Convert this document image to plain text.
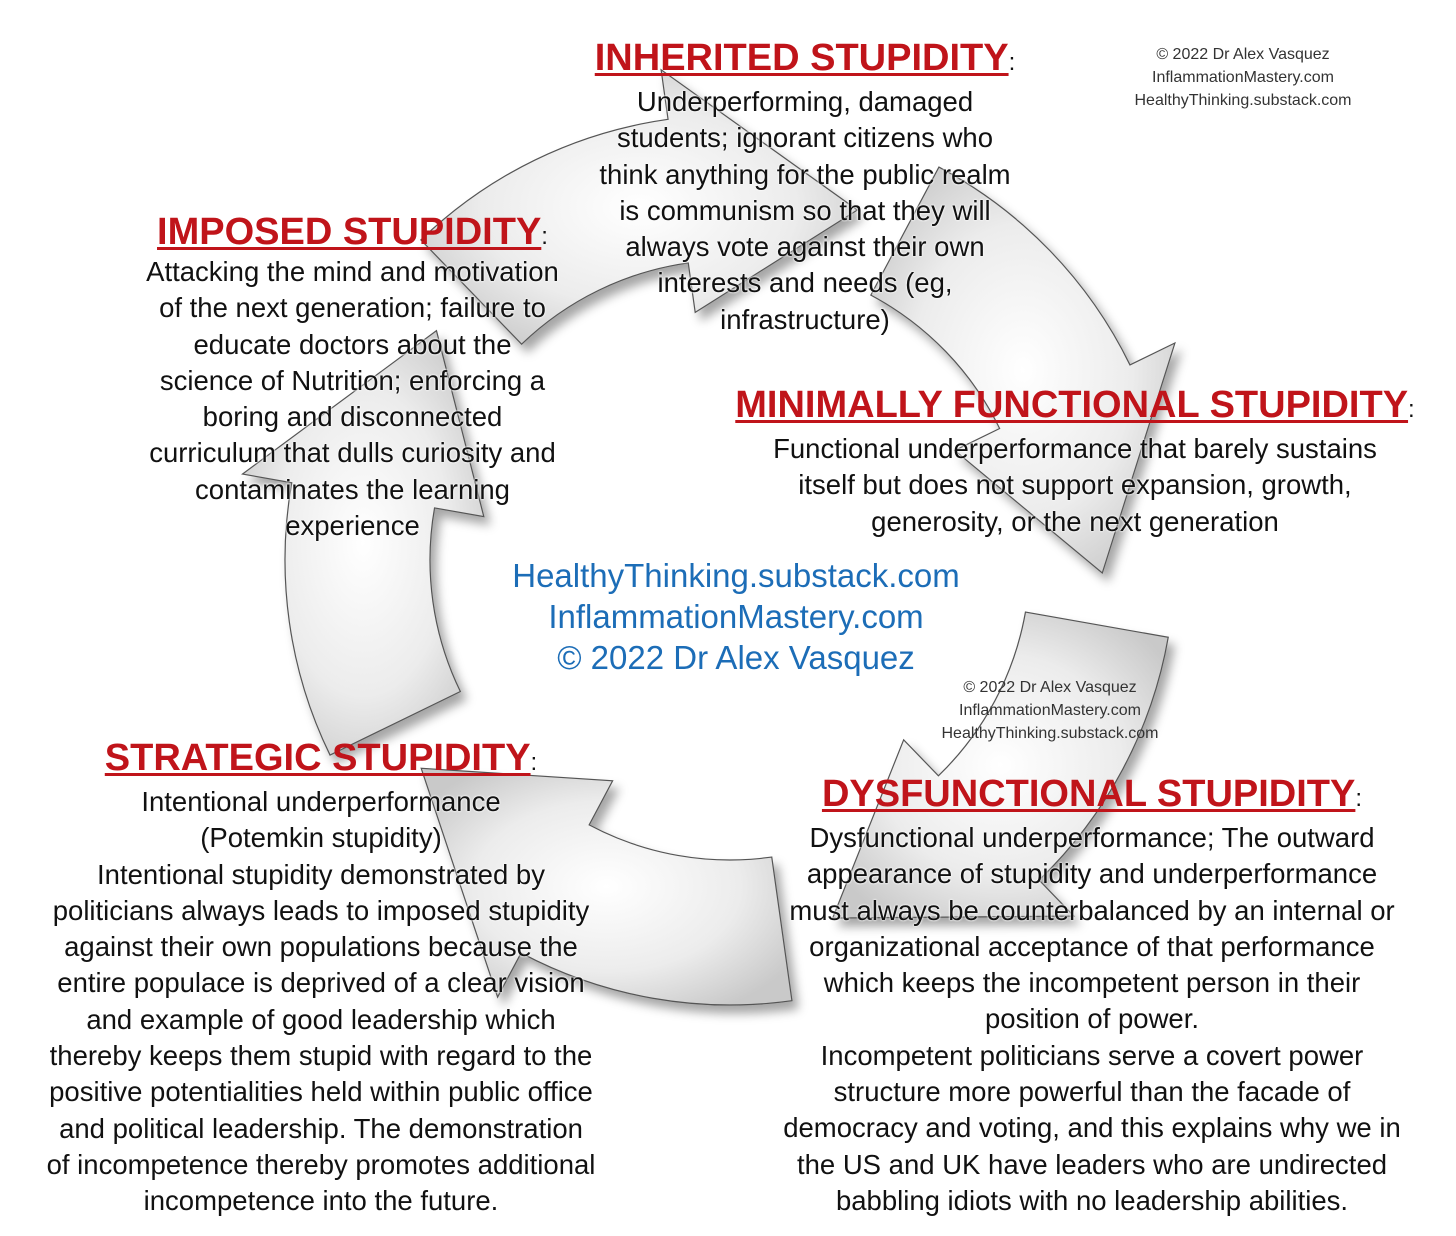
© 2022 Dr Alex Vasquez
InflammationMastery.com
HealthyThinking.substack.com
© 2022 Dr Alex Vasquez
InflammationMastery.com
HealthyThinking.substack.com
HealthyThinking.substack.com
InflammationMastery.com
© 2022 Dr Alex Vasquez
INHERITED STUPIDITY:
Underperforming, damaged
students; ignorant citizens who
think anything for the public realm
is communism so that they will
always vote against their own
interests and needs (eg,
infrastructure)
IMPOSED STUPIDITY:
Attacking the mind and motivation
of the next generation; failure to
educate doctors about the
science of Nutrition; enforcing a
boring and disconnected
curriculum that dulls curiosity and
contaminates the learning
experience
MINIMALLY FUNCTIONAL STUPIDITY:
Functional underperformance that barely sustains
itself but does not support expansion, growth,
generosity, or the next generation
STRATEGIC STUPIDITY:
Intentional underperformance
(Potemkin stupidity)
Intentional stupidity demonstrated by
politicians always leads to imposed stupidity
against their own populations because the
entire populace is deprived of a clear vision
and example of good leadership which
thereby keeps them stupid with regard to the
positive potentialities held within public office
and political leadership. The demonstration
of incompetence thereby promotes additional
incompetence into the future.
DYSFUNCTIONAL STUPIDITY:
Dysfunctional underperformance; The outward
appearance of stupidity and underperformance
must always be counterbalanced by an internal or
organizational acceptance of that performance
which keeps the incompetent person in their
position of power.
Incompetent politicians serve a covert power
structure more powerful than the facade of
democracy and voting, and this explains why we in
the US and UK have leaders who are undirected
babbling idiots with no leadership abilities.
